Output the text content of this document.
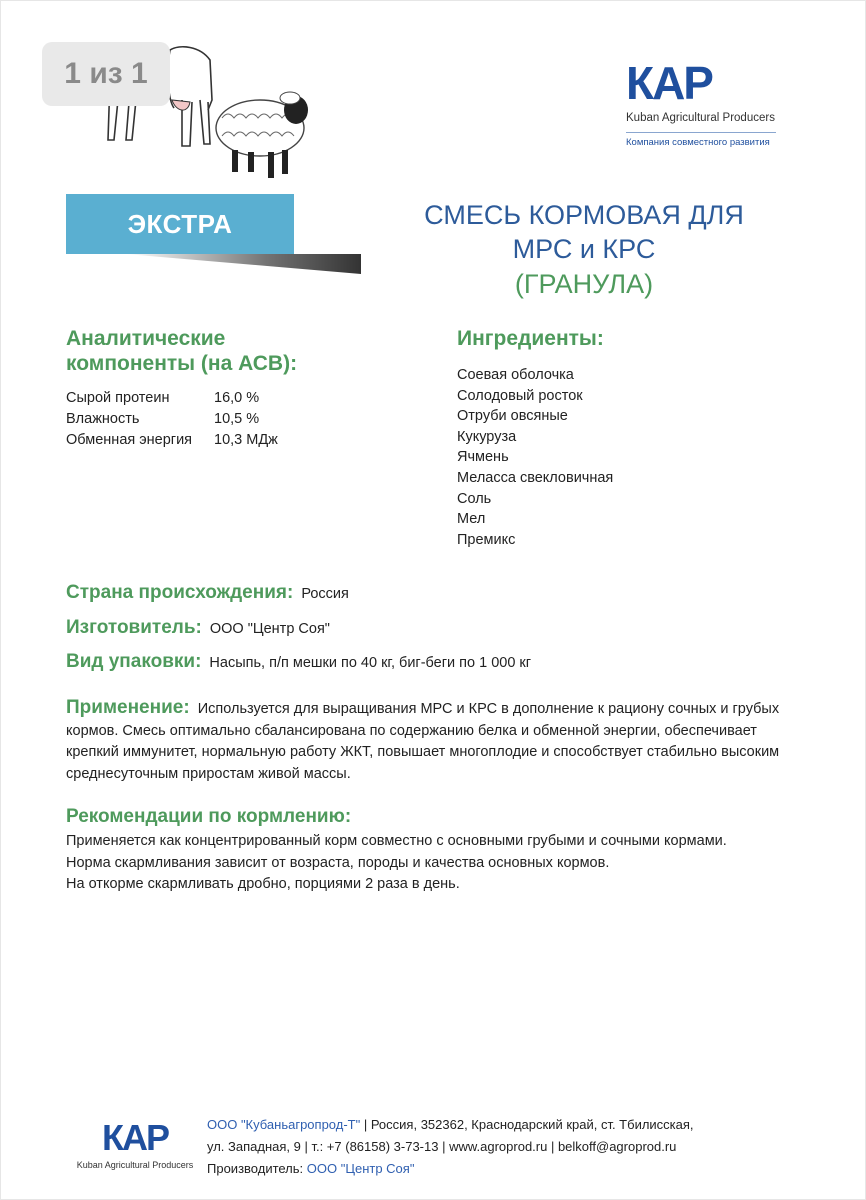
1 из 1	КАР
Kuban Agricultural Producers
Компания совместного развития
ЭКСТРА	СМЕСЬ КОРМОВАЯ ДЛЯ
МРС и КРС
(ГРАНУЛА)
Аналитические
компоненты (на АСВ):
Сырой протеин	16,0 %
Влажность	10,5 %
Обменная энергия	10,3 МДж
Ингредиенты:
Соевая оболочка
Солодовый росток
Отруби овсяные
Кукуруза
Ячмень
Меласса свекловичная
Соль
Мел
Премикс
Страна происхождения: Россия
Изготовитель: ООО "Центр Соя"
Вид упаковки: Насыпь, п/п мешки по 40 кг, биг-беги по 1 000 кг
Применение: Используется для выращивания МРС и КРС в дополнение к рациону сочных и грубых кормов. Смесь оптимально сбалансирована по содержанию белка и обменной энергии, обеспечивает крепкий иммунитет, нормальную работу ЖКТ, повышает многоплодие и способствует стабильно высоким среднесуточным приростам живой массы.
Рекомендации по кормлению:
Применяется как концентрированный корм совместно с основными грубыми и сочными кормами.
Норма скармливания зависит от возраста, породы и качества основных кормов.
На откорме скармливать дробно, порциями 2 раза в день.
КАР
Kuban Agricultural Producers
ООО "Кубаньагропрод-Т" | Россия, 352362, Краснодарский край, ст. Тбилисская,
ул. Западная, 9 | т.: +7 (86158) 3-73-13 | www.agroprod.ru | belkoff@agroprod.ru
Производитель: ООО "Центр Соя"
